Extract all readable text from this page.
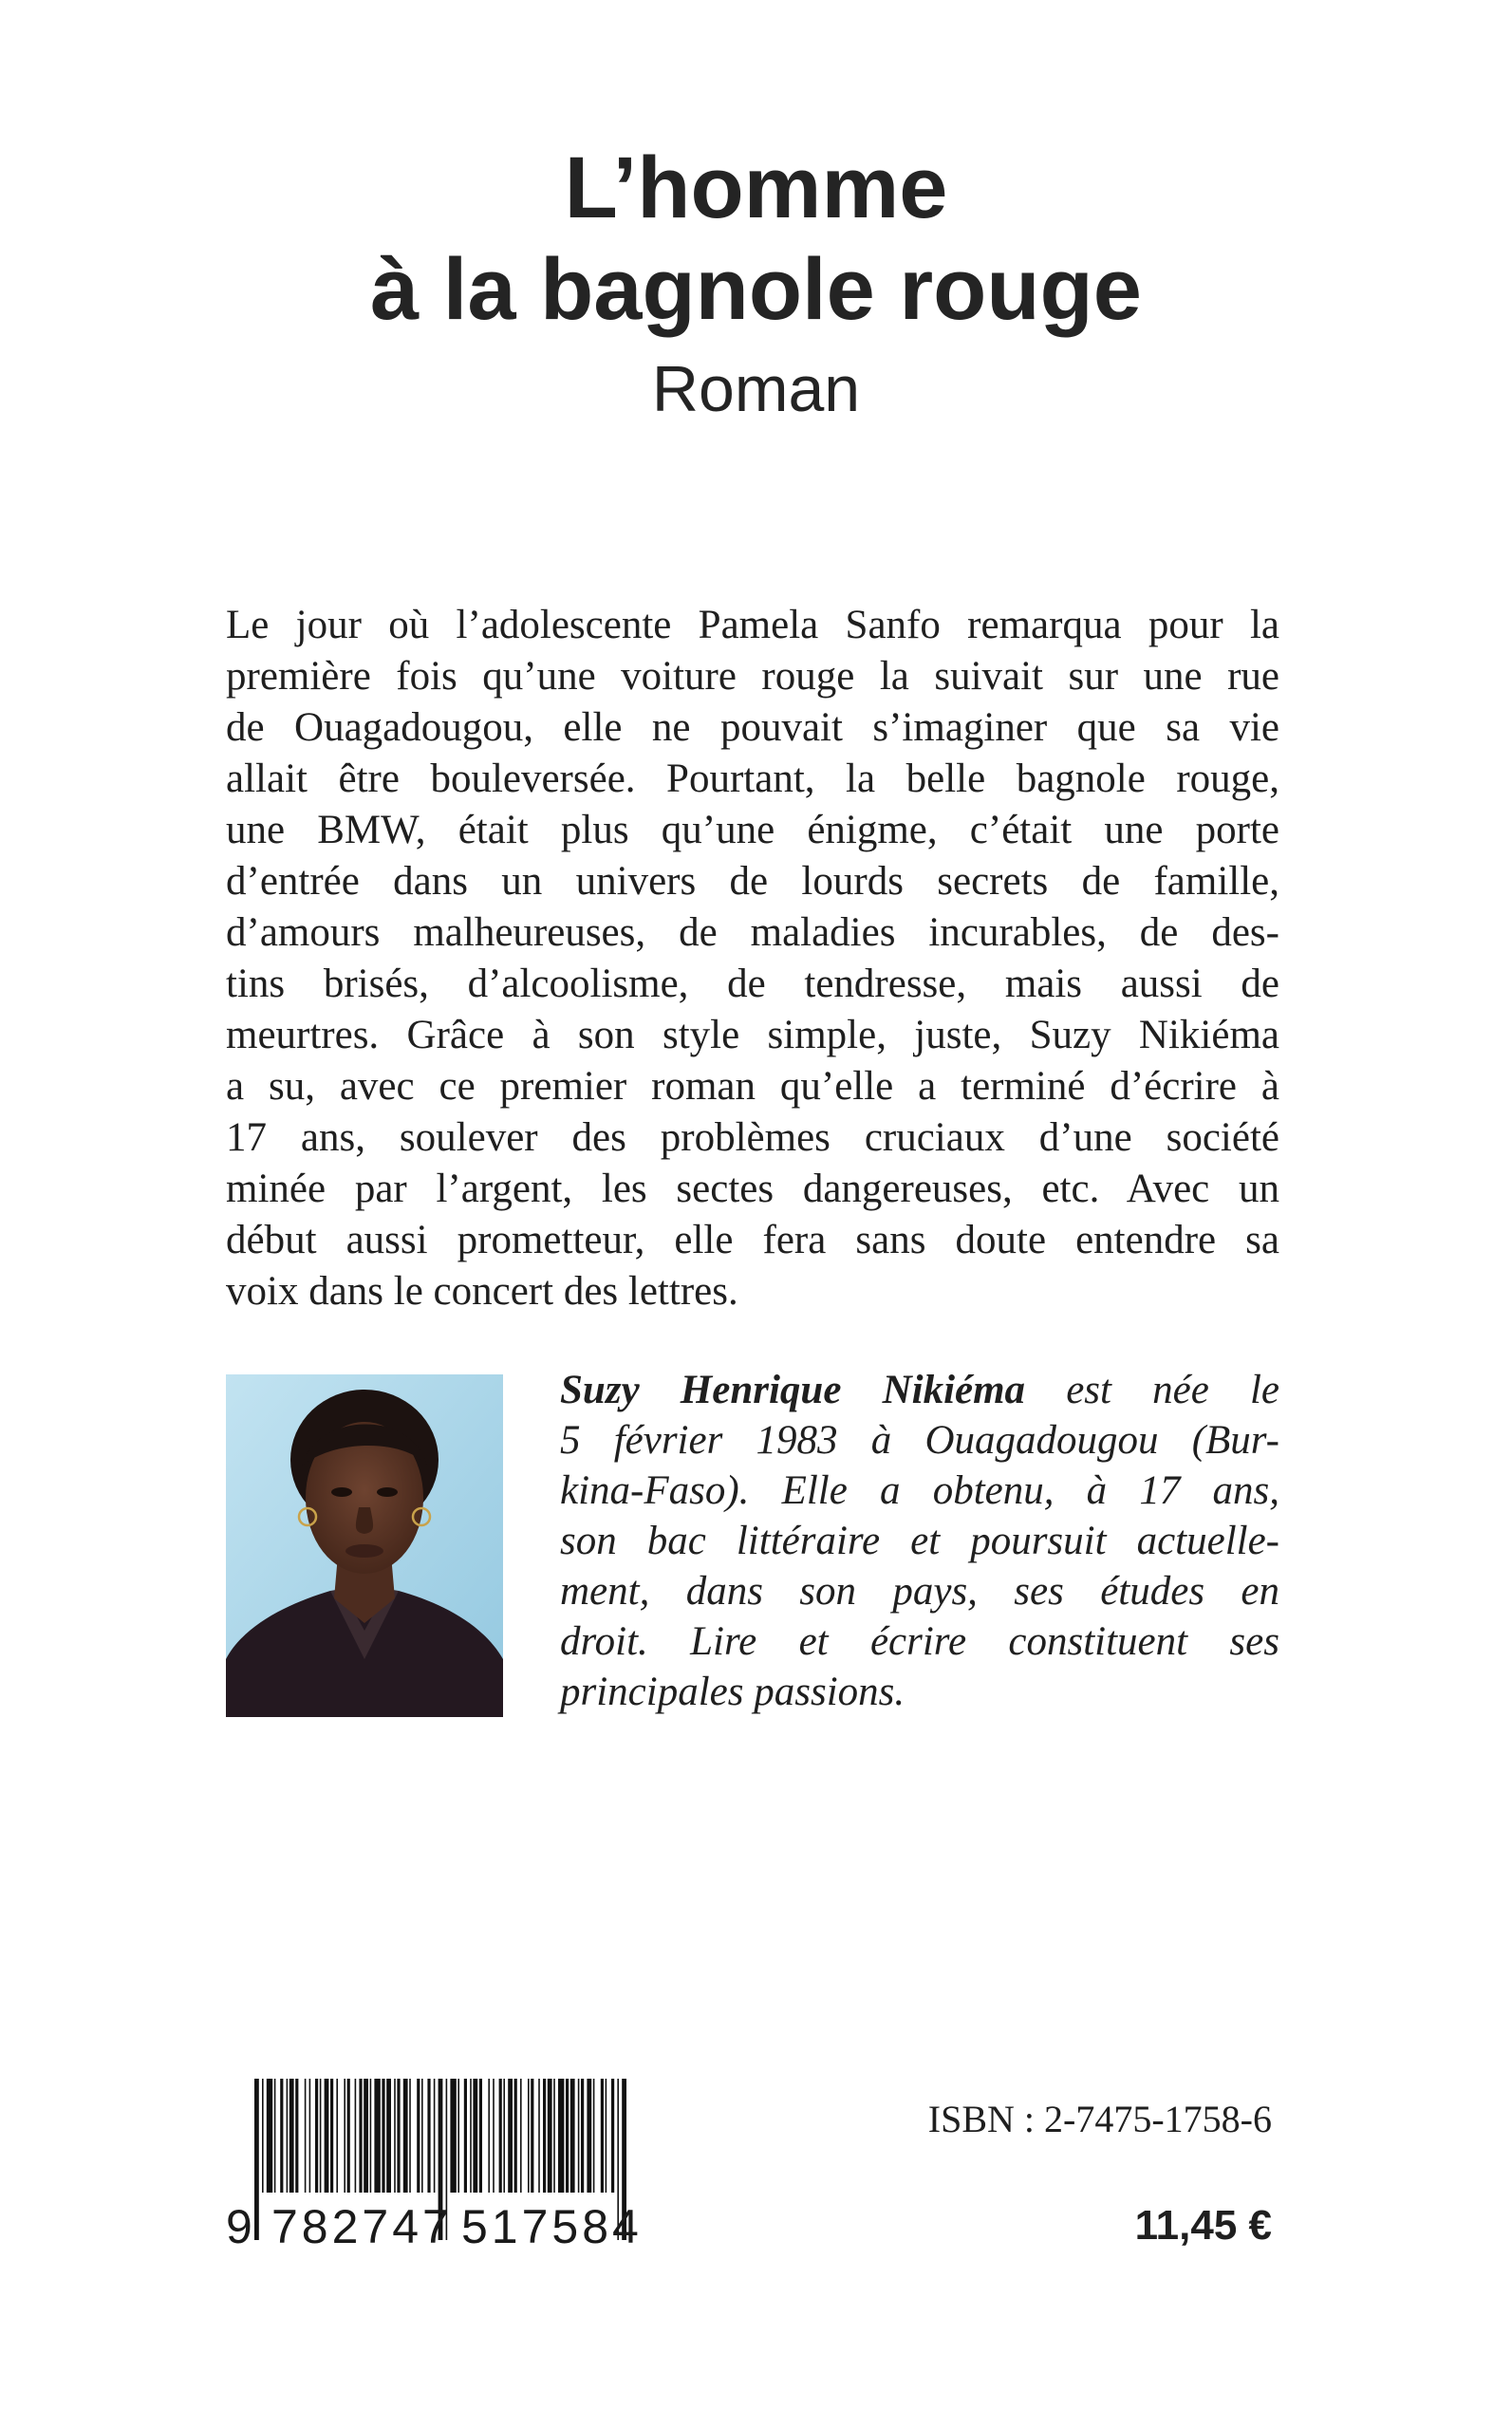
L’homme
à la bagnole rouge
Roman
Le jour où l’adolescente Pamela Sanfo remarqua pour la
première fois qu’une voiture rouge la suivait sur une rue
de Ouagadougou, elle ne pouvait s’imaginer que sa vie
allait être bouleversée. Pourtant, la belle bagnole rouge,
une BMW, était plus qu’une énigme, c’était une porte
d’entrée dans un univers de lourds secrets de famille,
d’amours malheureuses, de maladies incurables, de des-
tins brisés, d’alcoolisme, de tendresse, mais aussi de
meurtres. Grâce à son style simple, juste, Suzy Nikiéma
a su, avec ce premier roman qu’elle a terminé d’écrire à
17 ans, soulever des problèmes cruciaux d’une société
minée par l’argent, les sectes dangereuses, etc. Avec un
début aussi prometteur, elle fera sans doute entendre sa
voix dans le concert des lettres.
Suzy Henrique Nikiéma est née le
5 février 1983 à Ouagadougou (Bur-
kina-Faso). Elle a obtenu, à 17 ans,
son bac littéraire et poursuit actuelle-
ment, dans son pays, ses études en
droit. Lire et écrire constituent ses
principales passions.
9 782747 517584
ISBN : 2-7475-1758-6
11,45 €
